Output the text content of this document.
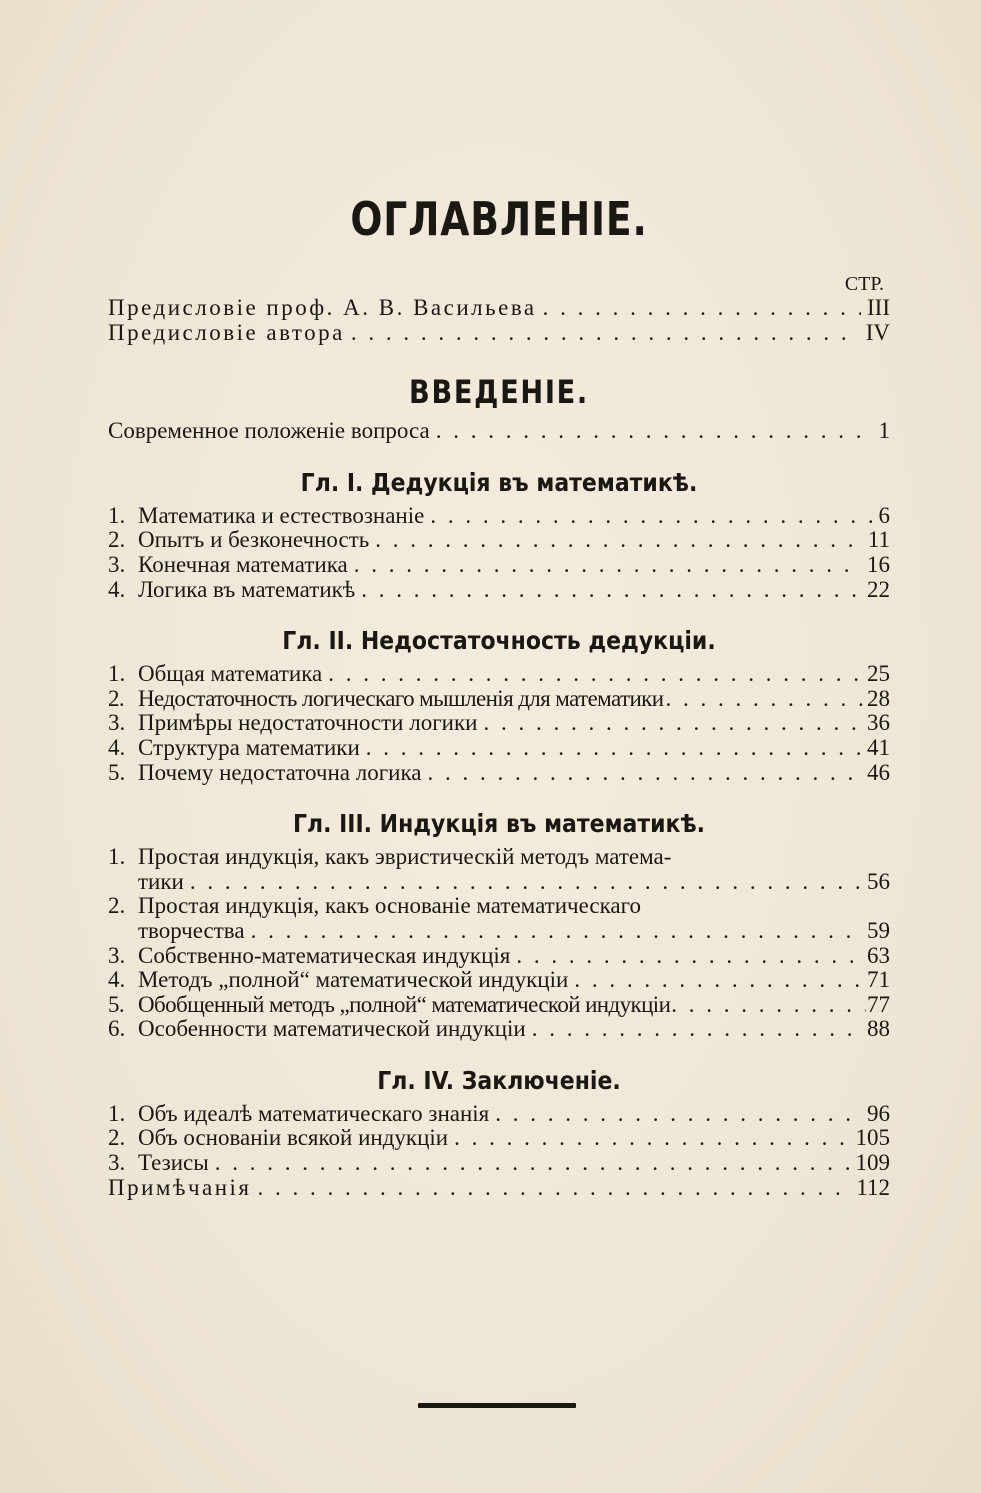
ОГЛАВЛЕНІЕ.
СТР.
Предисловіе проф. А. В. Васильева . . .	III
Предисловіе автора . . .	IV
ВВЕДЕНІЕ.
Современное положеніе вопроса . . .	1
Гл. I. Дедукція въ математикѣ.
1. Математика и естествознаніе . . .	6
2. Опытъ и безконечность . . .	11
3. Конечная математика . . .	16
4. Логика въ математикѣ . . .	22
Гл. II. Недостаточность дедукціи.
1. Общая математика . . .	25
2. Недостаточность логическаго мышленія для математики . . .	28
3. Примѣры недостаточности логики . . .	36
4. Структура математики . . .	41
5. Почему недостаточна логика . . .	46
Гл. III. Индукція въ математикѣ.
1. Простая индукція, какъ эвристическій методъ матема-
тики . . .	56
2. Простая индукція, какъ основаніе математическаго
творчества . . .	59
3. Собственно-математическая индукція . . .	63
4. Методъ „полной“ математической индукціи . . .	71
5. Обобщенный методъ „полной“ математической индукціи . . .	77
6. Особенности математической индукціи . . .	88
Гл. IV. Заключеніе.
1. Объ идеалѣ математическаго знанія . . .	96
2. Объ основаніи всякой индукціи . . .	105
3. Тезисы . . .	109
Примѣчанія . . .	112
